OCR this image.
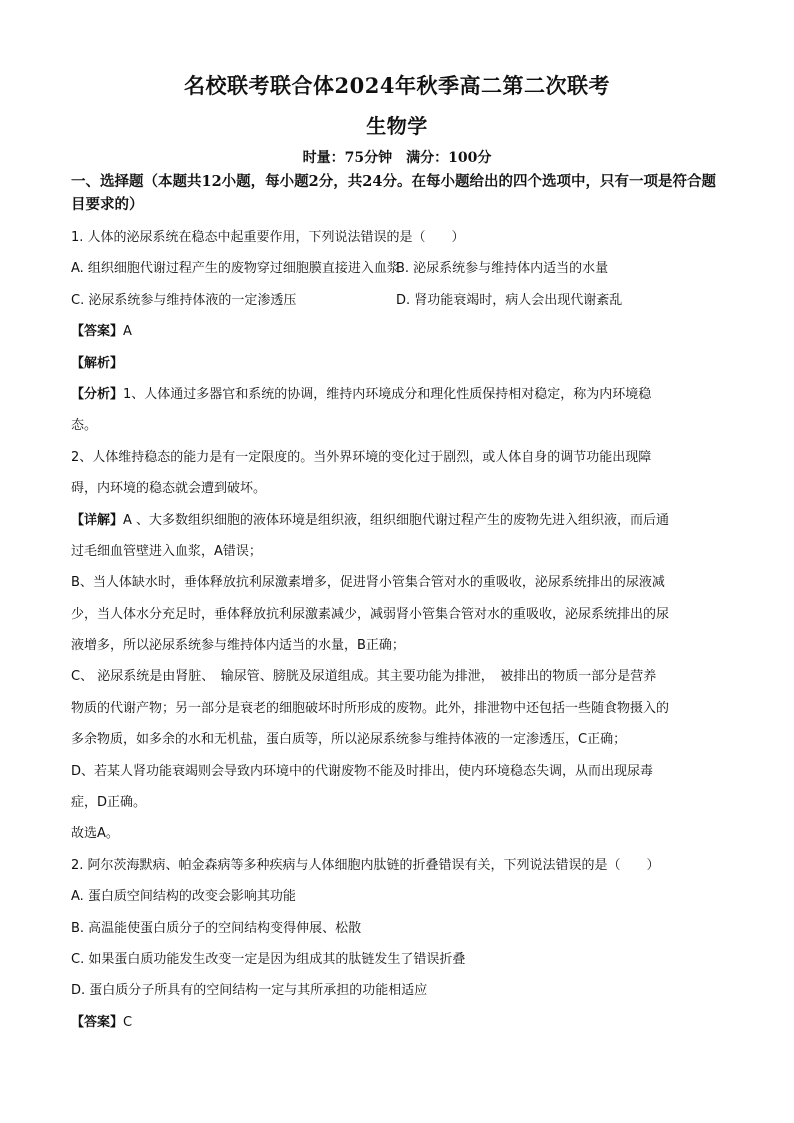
名校联考联合体2024年秋季高二第二次联考
生物学
时量：75分钟　满分：100分
一、选择题（本题共12小题，每小题2分，共24分。在每小题给出的四个选项中，只有一项是符合题目要求的）
1. 人体的泌尿系统在稳态中起重要作用，下列说法错误的是（　　）
A. 组织细胞代谢过程产生的废物穿过细胞膜直接进入血浆
B. 泌尿系统参与维持体内适当的水量
C. 泌尿系统参与维持体液的一定渗透压	D. 肾功能衰竭时，病人会出现代谢紊乱
【答案】A
【解析】
【分析】1、人体通过多器官和系统的协调，维持内环境成分和理化性质保持相对稳定，称为内环境稳
态。
2、人体维持稳态的能力是有一定限度的。当外界环境的变化过于剧烈，或人体自身的调节功能出现障
碍，内环境的稳态就会遭到破坏。
【详解】A 、大多数组织细胞的液体环境是组织液，组织细胞代谢过程产生的废物先进入组织液，而后通
过毛细血管壁进入血浆，A错误；
B、当人体缺水时，垂体释放抗利尿激素增多，促进肾小管集合管对水的重吸收，泌尿系统排出的尿液减
少，当人体水分充足时，垂体释放抗利尿激素减少，减弱肾小管集合管对水的重吸收，泌尿系统排出的尿
液增多，所以泌尿系统参与维持体内适当的水量，B正确；
C、 泌尿系统是由肾脏、　输尿管、膀胱及尿道组成。其主要功能为排泄，　被排出的物质一部分是营养
物质的代谢产物；另一部分是衰老的细胞破坏时所形成的废物。此外，排泄物中还包括一些随食物摄入的
多余物质，如多余的水和无机盐，蛋白质等，所以泌尿系统参与维持体液的一定渗透压，C正确；
D、若某人肾功能衰竭则会导致内环境中的代谢废物不能及时排出，使内环境稳态失调，从而出现尿毒
症，D正确。
故选A。
2. 阿尔茨海默病、帕金森病等多种疾病与人体细胞内肽链的折叠错误有关，下列说法错误的是（　　）
A. 蛋白质空间结构的改变会影响其功能
B. 高温能使蛋白质分子的空间结构变得伸展、松散
C. 如果蛋白质功能发生改变一定是因为组成其的肽链发生了错误折叠
D. 蛋白质分子所具有的空间结构一定与其所承担的功能相适应
【答案】C
